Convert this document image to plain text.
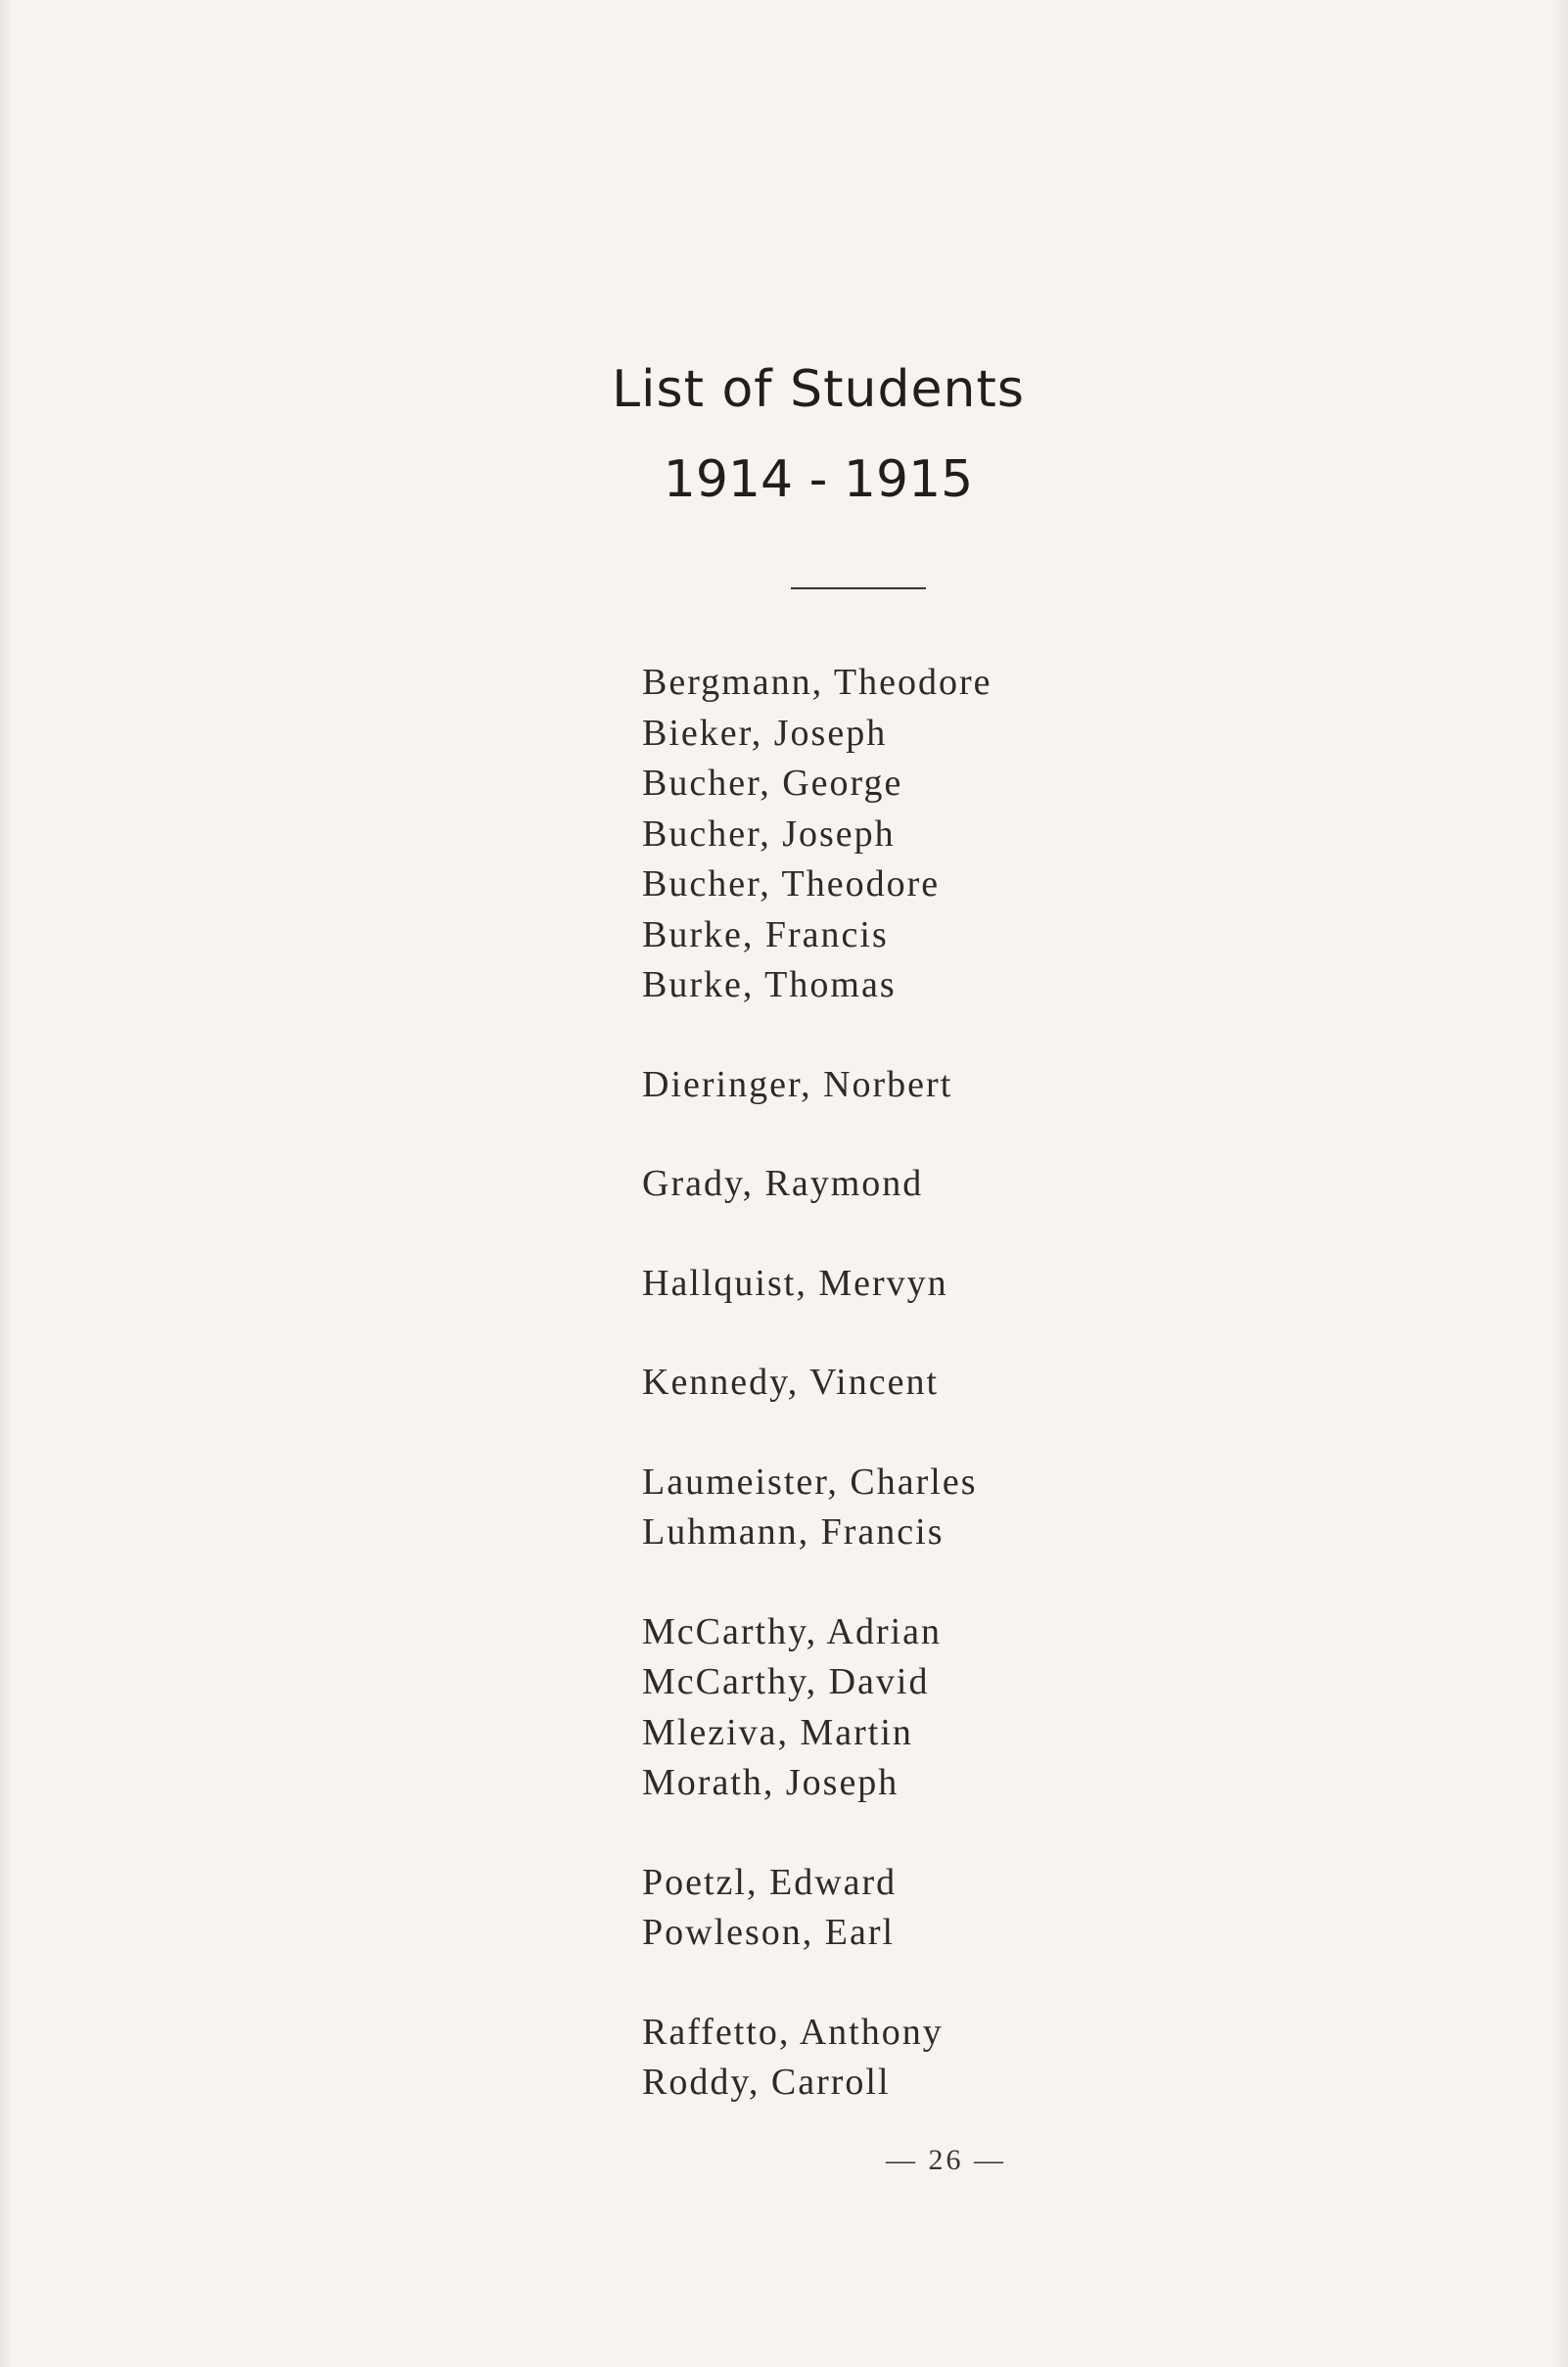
List of Students
1914 - 1915
Bergmann, Theodore
Bieker, Joseph
Bucher, George
Bucher, Joseph
Bucher, Theodore
Burke, Francis
Burke, Thomas
Dieringer, Norbert
Grady, Raymond
Hallquist, Mervyn
Kennedy, Vincent
Laumeister, Charles
Luhmann, Francis
McCarthy, Adrian
McCarthy, David
Mleziva, Martin
Morath, Joseph
Poetzl, Edward
Powleson, Earl
Raffetto, Anthony
Roddy, Carroll
— 26 —
